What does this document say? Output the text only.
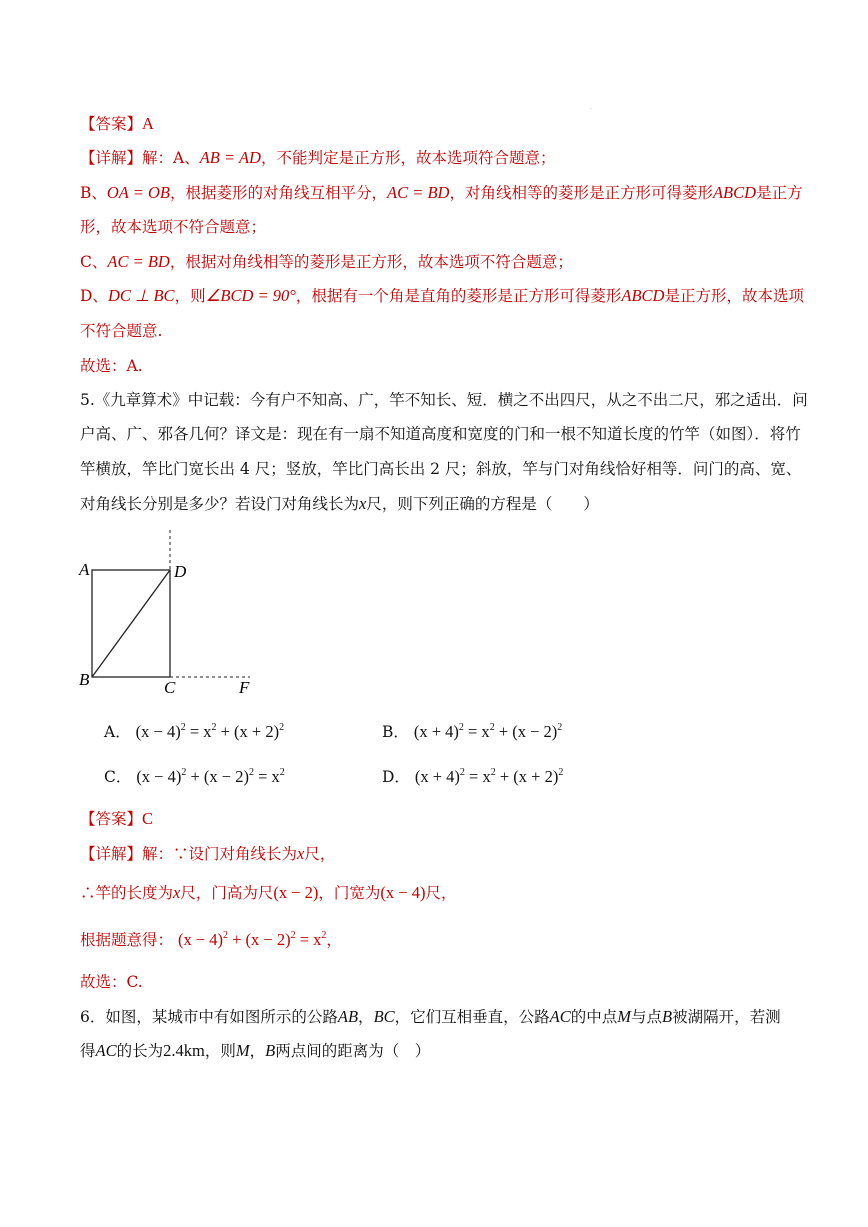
·
【答案】A
【详解】解：A、AB = AD，不能判定是正方形，故本选项符合题意；
B、OA = OB，根据菱形的对角线互相平分，AC = BD，对角线相等的菱形是正方形可得菱形ABCD是正方
形，故本选项不符合题意；
C、AC = BD，根据对角线相等的菱形是正方形，故本选项不符合题意；
D、DC ⊥ BC，则∠BCD = 90°，根据有一个角是直角的菱形是正方形可得菱形ABCD是正方形，故本选项
不符合题意.
故选：A.
5.《九章算术》中记载：今有户不知高、广，竿不知长、短．横之不出四尺，从之不出二尺，邪之适出．问
户高、广、邪各几何？译文是：现在有一扇不知道高度和宽度的门和一根不知道长度的竹竿（如图）．将竹
竿横放，竿比门宽长出 4 尺；竖放，竿比门高长出 2 尺；斜放，竿与门对角线恰好相等．问门的高、宽、
对角线长分别是多少？若设门对角线长为x尺，则下列正确的方程是（　　）
A	D
B	C	F
A． $(x - 4)^2 = x^2 + (x + 2)^2$	B． $(x + 4)^2 = x^2 + (x - 2)^2$
C． $(x - 4)^2 + (x - 2)^2 = x^2$	D． $(x + 4)^2 = x^2 + (x + 2)^2$
【答案】C
【详解】解：∵设门对角线长为x尺，
∴竿的长度为x尺，门高为尺(x − 2)，门宽为(x − 4)尺，
根据题意得： $(x - 4)^2 + (x - 2)^2 = x^2$，
故选：C.
6．如图，某城市中有如图所示的公路AB，BC，它们互相垂直，公路AC的中点M与点B被湖隔开，若测
得AC的长为2.4km，则M，B两点间的距离为（　）
